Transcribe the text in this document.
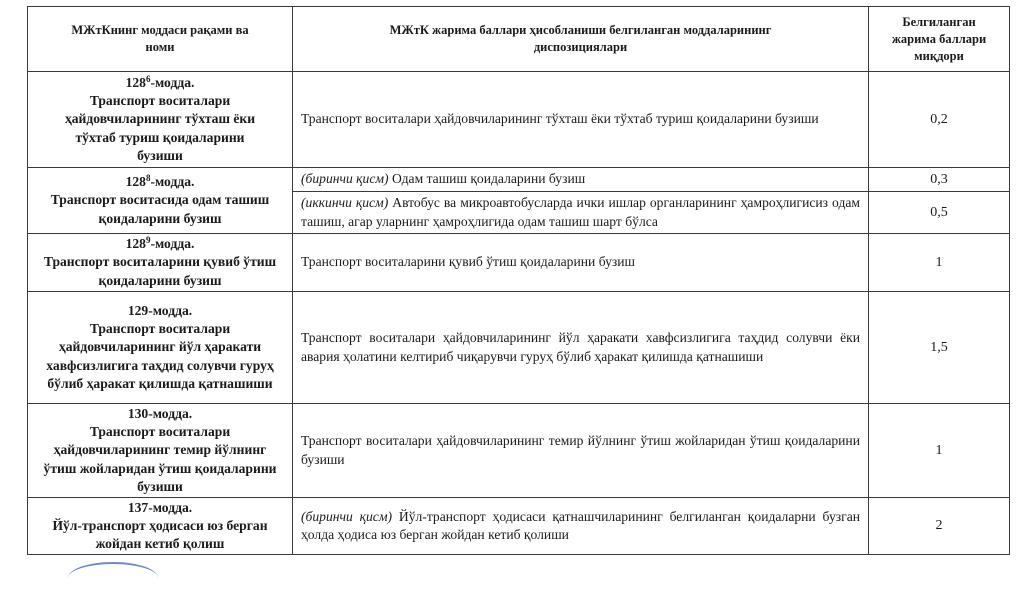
МЖтКнинг моддаси рақами ва номи	МЖтК жарима баллари ҳисобланиши белгиланган моддаларининг диспозициялари	Белгиланган жарима баллари миқдори

$128^6$-модда.
Транспорт воситалари ҳайдовчиларининг тўхташ ёки тўхтаб туриш қоидаларини бузиши	Транспорт воситалари ҳайдовчиларининг тўхташ ёки тўхтаб туриш қоидаларини бузиши	0,2

$128^8$-модда.
Транспорт воситасида одам ташиш қоидаларини бузиш	(биринчи қисм) Одам ташиш қоидаларини бузиш	0,3
	(иккинчи қисм) Автобус ва микроавтобусларда ички ишлар органларининг ҳамроҳлигисиз одам ташиш, агар уларнинг ҳамроҳлигида одам ташиш шарт бўлса	0,5

$128^9$-модда.
Транспорт воситаларини қувиб ўтиш қоидаларини бузиш	Транспорт воситаларини қувиб ўтиш қоидаларини бузиш	1

129-модда.
Транспорт воситалари ҳайдовчиларининг йўл ҳаракати хавфсизлигига таҳдид солувчи гуруҳ бўлиб ҳаракат қилишда қатнашиши	Транспорт воситалари ҳайдовчиларининг йўл ҳаракати хавфсизлигига таҳдид солувчи ёки авария ҳолатини келтириб чиқарувчи гуруҳ бўлиб ҳаракат қилишда қатнашиши	1,5

130-модда.
Транспорт воситалари ҳайдовчиларининг темир йўлнинг ўтиш жойларидан ўтиш қоидаларини бузиши	Транспорт воситалари ҳайдовчиларининг темир йўлнинг ўтиш жойларидан ўтиш қоидаларини бузиши	1

137-модда.
Йўл-транспорт ҳодисаси юз берган жойдан кетиб қолиш	(биринчи қисм) Йўл-транспорт ҳодисаси қатнашчиларининг белгиланган қоидаларни бузган ҳолда ҳодиса юз берган жойдан кетиб қолиши	2
